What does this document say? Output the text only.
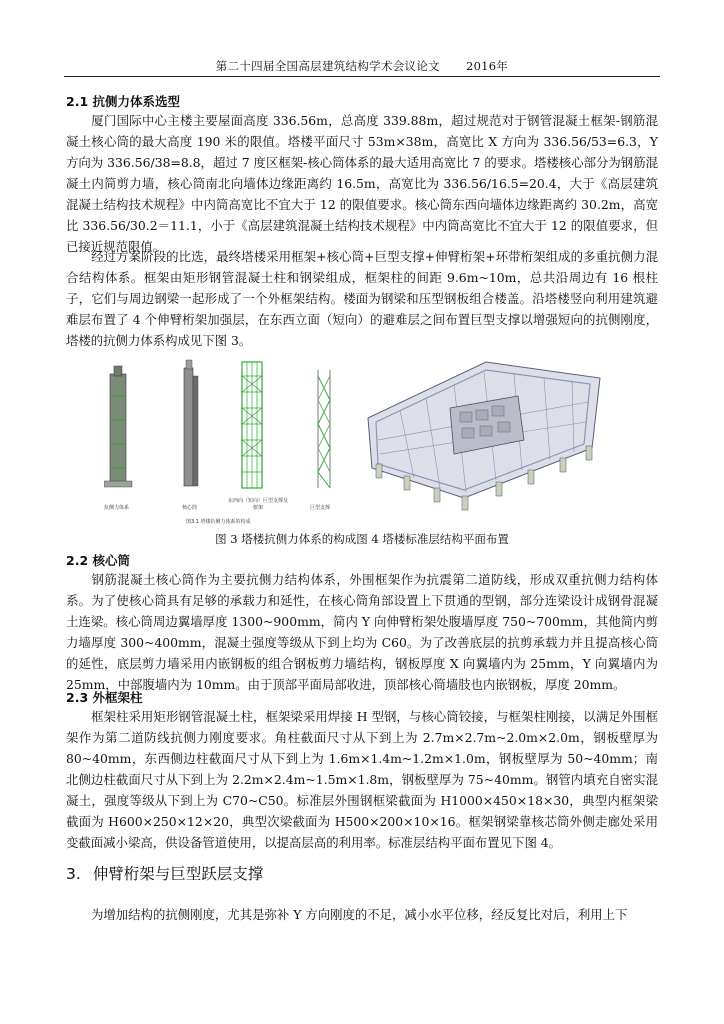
第二十四届全国高层建筑结构学术会议论文 2016年
2.1 抗侧力体系选型

厦门国际中心主楼主要屋面高度 336.56m，总高度 339.88m，超过规范对于钢管混凝土框架-钢筋混凝土核心筒的最大高度 190 米的限值。塔楼平面尺寸 53m×38m，高宽比 X 方向为 336.56/53=6.3，Y 方向为 336.56/38=8.8，超过 7 度区框架-核心筒体系的最大适用高宽比 7 的要求。塔楼核心部分为钢筋混凝土内简剪力墙，核心筒南北向墙体边缘距离约 16.5m，高宽比为 336.56/16.5=20.4，大于《高层建筑混凝土结构技术规程》中内筒高宽比不宜大于 12 的限值要求。核心筒东西向墙体边缘距离约 30.2m，高宽比 336.56/30.2＝11.1，小于《高层建筑混凝土结构技术规程》中内筒高宽比不宜大于 12 的限值要求，但已接近规范限值。

经过方案阶段的比选，最终塔楼采用框架+核心筒+巨型支撑+伸臂桁架+环带桁架组成的多重抗侧力混合结构体系。框架由矩形钢管混凝土柱和钢梁组成，框架柱的间距 9.6m~10m，总共沿周边有 16 根柱子，它们与周边钢梁一起形成了一个外框架结构。楼面为钢梁和压型钢板组合楼盖。沿塔楼竖向利用建筑避难层布置了 4 个伸臂桁架加强层，在东西立面（短向）的避难层之间布置巨型支撑以增强短向的抗侧刚度，塔楼的抗侧力体系构成见下图 3。

抗侧力体系	核心筒
东西向（短向）巨型支撑及框架	巨型支撑
图3.1 塔楼抗侧力体系的构成
图 3 塔楼抗侧力体系的构成图 4 塔楼标准层结构平面布置
2.2 核心筒

钢筋混凝土核心筒作为主要抗侧力结构体系，外围框架作为抗震第二道防线，形成双重抗侧力结构体系。为了使核心筒具有足够的承载力和延性，在核心筒角部设置上下贯通的型钢，部分连梁设计成钢骨混凝土连梁。核心筒周边翼墙厚度 1300~900mm，简内 Y 向伸臂桁架处腹墙厚度 750~700mm，其他简内剪力墙厚度 300~400mm，混凝土强度等级从下到上均为 C60。为了改善底层的抗剪承载力并且提高核心筒的延性，底层剪力墙采用内嵌钢板的组合钢板剪力墙结构，钢板厚度 X 向翼墙内为 25mm，Y 向翼墙内为 25mm，中部腹墙内为 10mm。由于顶部平面局部收进，顶部核心筒墙肢也内嵌钢板，厚度 20mm。

2.3 外框架柱

框架柱采用矩形钢管混凝土柱，框架梁采用焊接 H 型钢，与核心筒铰接，与框架柱刚接，以满足外围框架作为第二道防线抗侧力刚度要求。角柱截面尺寸从下到上为 2.7m×2.7m~2.0m×2.0m，钢板壁厚为 80~40mm，东西侧边柱截面尺寸从下到上为 1.6m×1.4m~1.2m×1.0m，钢板壁厚为 50~40mm；南北侧边柱截面尺寸从下到上为 2.2m×2.4m~1.5m×1.8m，钢板壁厚为 75~40mm。钢管内填充自密实混凝土，强度等级从下到上为 C70~C50。标准层外围钢框梁截面为 H1000×450×18×30，典型内框架梁截面为 H600×250×12×20，典型次梁截面为 H500×200×10×16。框架钢梁靠核芯筒外侧走廊处采用变截面减小梁高，供设备管道使用，以提高层高的利用率。标准层结构平面布置见下图 4。

3. 伸臂桁架与巨型跃层支撑

为增加结构的抗侧刚度，尤其是弥补 Y 方向刚度的不足，减小水平位移，经反复比对后，利用上下
